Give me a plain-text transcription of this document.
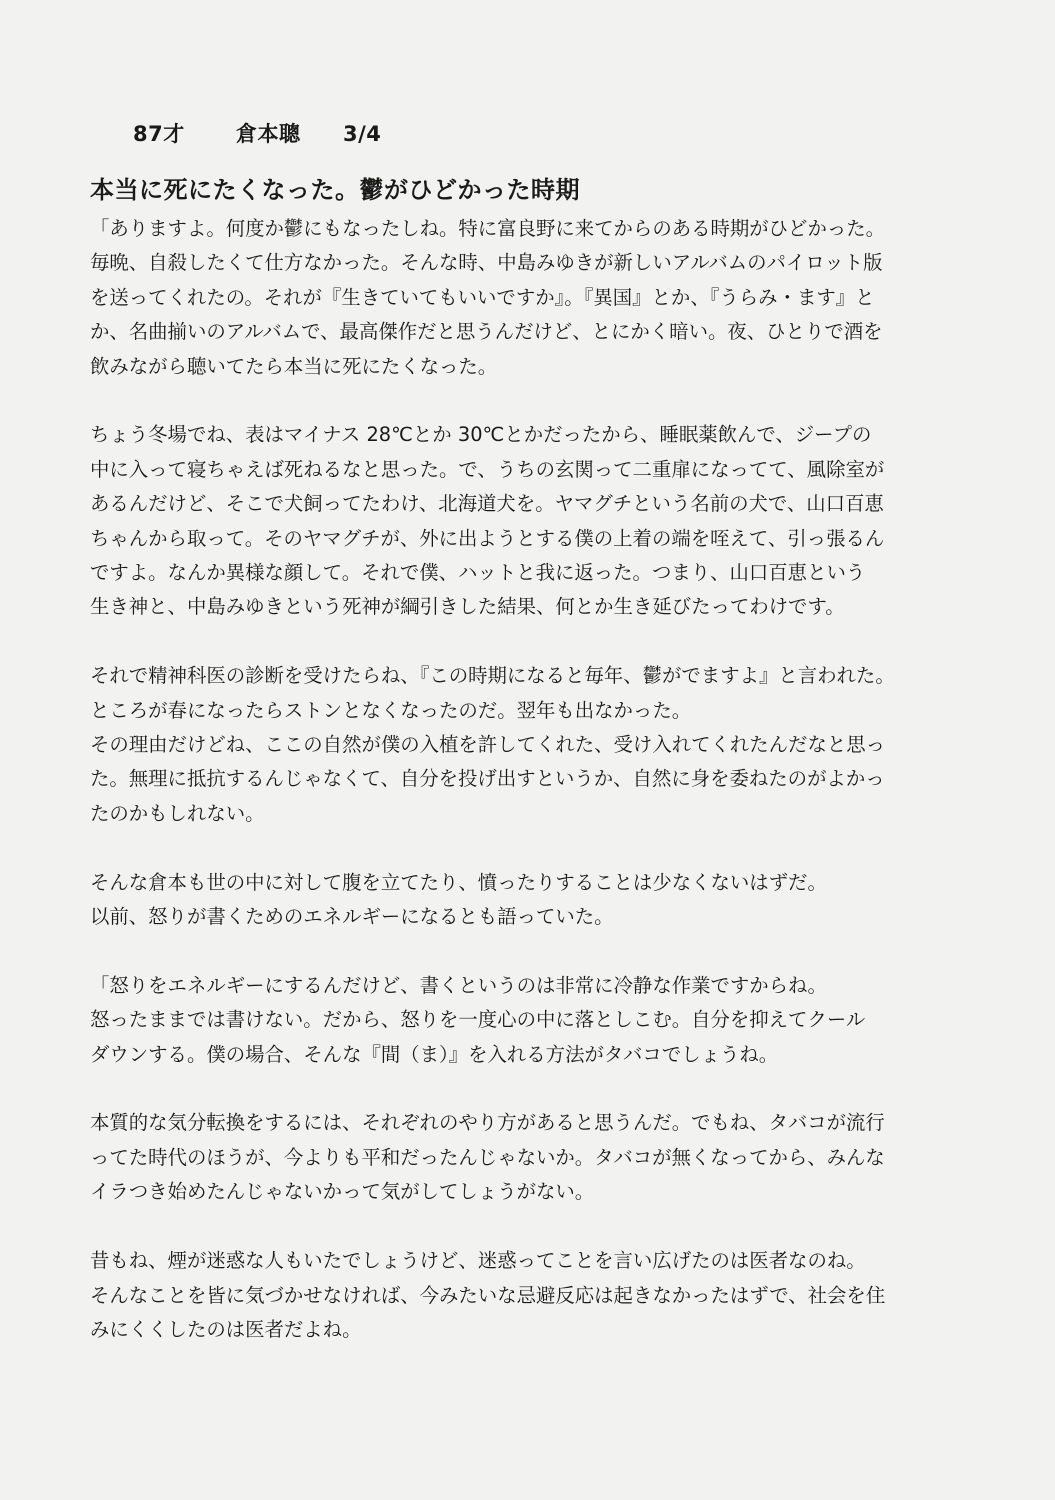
87才 倉本聰 3/4
本当に死にたくなった。鬱がひどかった時期

「ありますよ。何度か鬱にもなったしね。特に富良野に来てからのある時期がひどかった。
毎晩、自殺したくて仕方なかった。そんな時、中島みゆきが新しいアルバムのパイロット版
を送ってくれたの。それが『生きていてもいいですか』。『異国』とか、『うらみ・ます』と
か、名曲揃いのアルバムで、最高傑作だと思うんだけど、とにかく暗い。夜、ひとりで酒を
飲みながら聴いてたら本当に死にたくなった。

ちょう冬場でね、表はマイナス 28℃とか 30℃とかだったから、睡眠薬飲んで、ジープの
中に入って寝ちゃえば死ねるなと思った。で、うちの玄関って二重扉になってて、風除室が
あるんだけど、そこで犬飼ってたわけ、北海道犬を。ヤマグチという名前の犬で、山口百恵
ちゃんから取って。そのヤマグチが、外に出ようとする僕の上着の端を咥えて、引っ張るん
ですよ。なんか異様な顔して。それで僕、ハットと我に返った。つまり、山口百恵という
生き神と、中島みゆきという死神が綱引きした結果、何とか生き延びたってわけです。

それで精神科医の診断を受けたらね、『この時期になると毎年、鬱がでますよ』と言われた。
ところが春になったらストンとなくなったのだ。翌年も出なかった。
その理由だけどね、ここの自然が僕の入植を許してくれた、受け入れてくれたんだなと思っ
た。無理に抵抗するんじゃなくて、自分を投げ出すというか、自然に身を委ねたのがよかっ
たのかもしれない。

そんな倉本も世の中に対して腹を立てたり、憤ったりすることは少なくないはずだ。
以前、怒りが書くためのエネルギーになるとも語っていた。

「怒りをエネルギーにするんだけど、書くというのは非常に冷静な作業ですからね。
怒ったままでは書けない。だから、怒りを一度心の中に落としこむ。自分を抑えてクール
ダウンする。僕の場合、そんな『間（ま）』を入れる方法がタバコでしょうね。

本質的な気分転換をするには、それぞれのやり方があると思うんだ。でもね、タバコが流行
ってた時代のほうが、今よりも平和だったんじゃないか。タバコが無くなってから、みんな
イラつき始めたんじゃないかって気がしてしょうがない。

昔もね、煙が迷惑な人もいたでしょうけど、迷惑ってことを言い広げたのは医者なのね。
そんなことを皆に気づかせなければ、今みたいな忌避反応は起きなかったはずで、社会を住
みにくくしたのは医者だよね。
